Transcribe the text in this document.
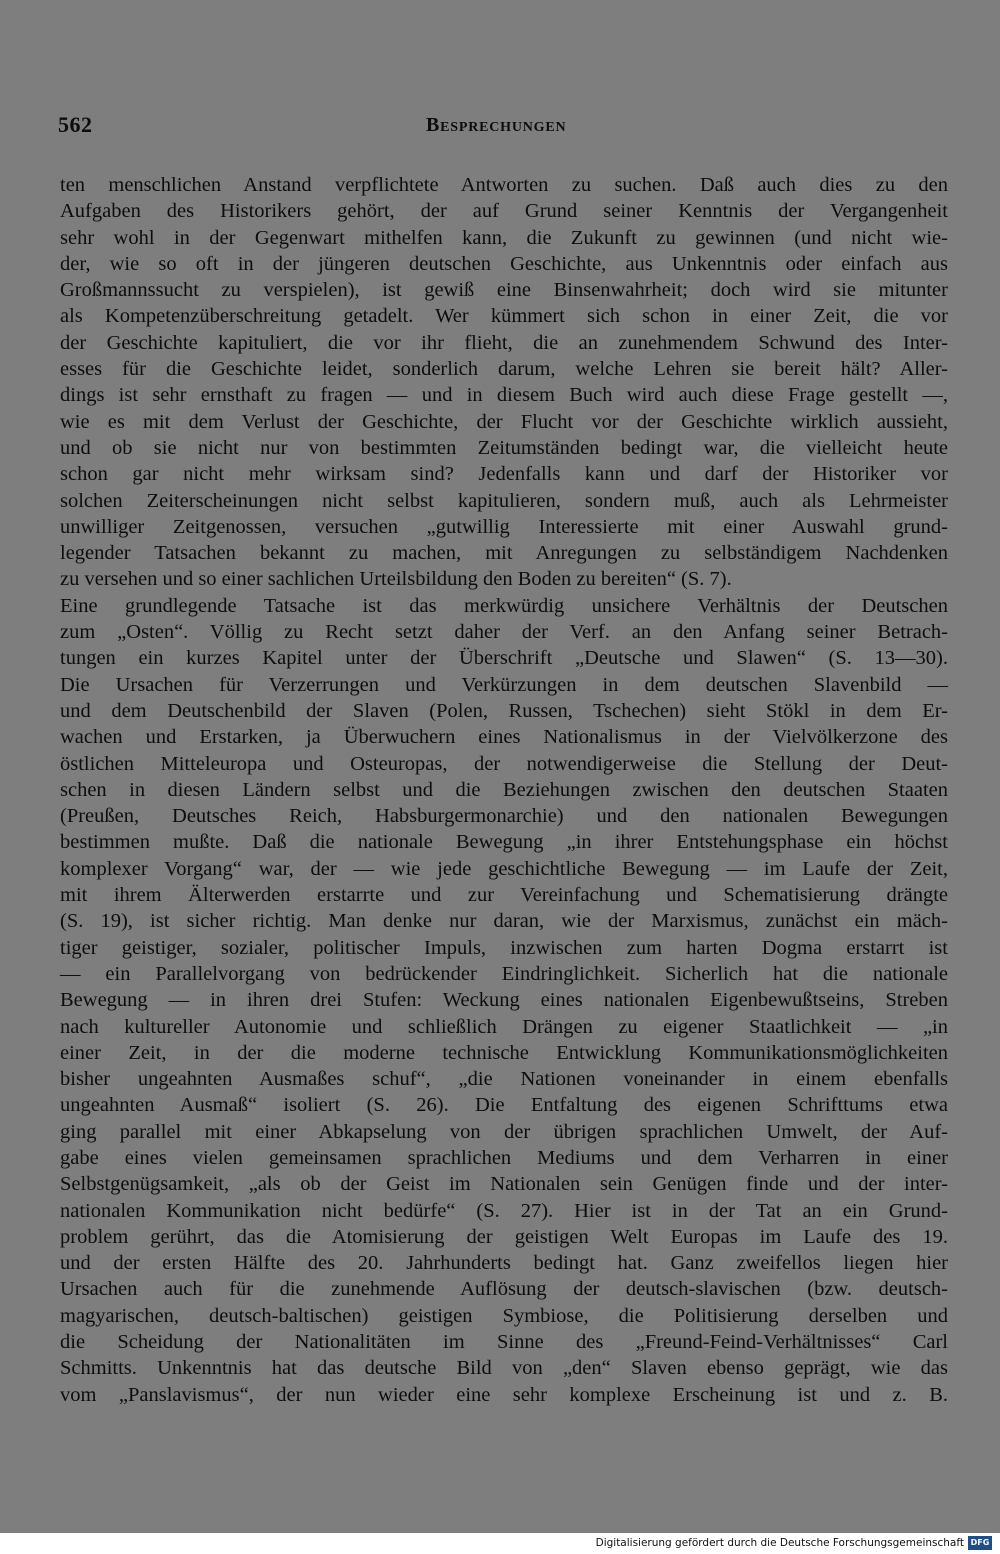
562	Besprechungen
ten menschlichen Anstand verpflichtete Antworten zu suchen. Daß auch dies zu den
Aufgaben des Historikers gehört, der auf Grund seiner Kenntnis der Vergangenheit
sehr wohl in der Gegenwart mithelfen kann, die Zukunft zu gewinnen (und nicht wie-
der, wie so oft in der jüngeren deutschen Geschichte, aus Unkenntnis oder einfach aus
Großmannssucht zu verspielen), ist gewiß eine Binsenwahrheit; doch wird sie mitunter
als Kompetenzüberschreitung getadelt. Wer kümmert sich schon in einer Zeit, die vor
der Geschichte kapituliert, die vor ihr flieht, die an zunehmendem Schwund des Inter-
esses für die Geschichte leidet, sonderlich darum, welche Lehren sie bereit hält? Aller-
dings ist sehr ernsthaft zu fragen — und in diesem Buch wird auch diese Frage gestellt —,
wie es mit dem Verlust der Geschichte, der Flucht vor der Geschichte wirklich aussieht,
und ob sie nicht nur von bestimmten Zeitumständen bedingt war, die vielleicht heute
schon gar nicht mehr wirksam sind? Jedenfalls kann und darf der Historiker vor
solchen Zeiterscheinungen nicht selbst kapitulieren, sondern muß, auch als Lehrmeister
unwilliger Zeitgenossen, versuchen „gutwillig Interessierte mit einer Auswahl grund-
legender Tatsachen bekannt zu machen, mit Anregungen zu selbständigem Nachdenken
zu versehen und so einer sachlichen Urteilsbildung den Boden zu bereiten“ (S. 7).
Eine grundlegende Tatsache ist das merkwürdig unsichere Verhältnis der Deutschen
zum „Osten“. Völlig zu Recht setzt daher der Verf. an den Anfang seiner Betrach-
tungen ein kurzes Kapitel unter der Überschrift „Deutsche und Slawen“ (S. 13—30).
Die Ursachen für Verzerrungen und Verkürzungen in dem deutschen Slavenbild —
und dem Deutschenbild der Slaven (Polen, Russen, Tschechen) sieht Stökl in dem Er-
wachen und Erstarken, ja Überwuchern eines Nationalismus in der Vielvölkerzone des
östlichen Mitteleuropa und Osteuropas, der notwendigerweise die Stellung der Deut-
schen in diesen Ländern selbst und die Beziehungen zwischen den deutschen Staaten
(Preußen, Deutsches Reich, Habsburgermonarchie) und den nationalen Bewegungen
bestimmen mußte. Daß die nationale Bewegung „in ihrer Entstehungsphase ein höchst
komplexer Vorgang“ war, der — wie jede geschichtliche Bewegung — im Laufe der Zeit,
mit ihrem Älterwerden erstarrte und zur Vereinfachung und Schematisierung drängte
(S. 19), ist sicher richtig. Man denke nur daran, wie der Marxismus, zunächst ein mäch-
tiger geistiger, sozialer, politischer Impuls, inzwischen zum harten Dogma erstarrt ist
— ein Parallelvorgang von bedrückender Eindringlichkeit. Sicherlich hat die nationale
Bewegung — in ihren drei Stufen: Weckung eines nationalen Eigenbewußtseins, Streben
nach kultureller Autonomie und schließlich Drängen zu eigener Staatlichkeit — „in
einer Zeit, in der die moderne technische Entwicklung Kommunikationsmöglichkeiten
bisher ungeahnten Ausmaßes schuf“, „die Nationen voneinander in einem ebenfalls
ungeahnten Ausmaß“ isoliert (S. 26). Die Entfaltung des eigenen Schrifttums etwa
ging parallel mit einer Abkapselung von der übrigen sprachlichen Umwelt, der Auf-
gabe eines vielen gemeinsamen sprachlichen Mediums und dem Verharren in einer
Selbstgenügsamkeit, „als ob der Geist im Nationalen sein Genügen finde und der inter-
nationalen Kommunikation nicht bedürfe“ (S. 27). Hier ist in der Tat an ein Grund-
problem gerührt, das die Atomisierung der geistigen Welt Europas im Laufe des 19.
und der ersten Hälfte des 20. Jahrhunderts bedingt hat. Ganz zweifellos liegen hier
Ursachen auch für die zunehmende Auflösung der deutsch-slavischen (bzw. deutsch-
magyarischen, deutsch-baltischen) geistigen Symbiose, die Politisierung derselben und
die Scheidung der Nationalitäten im Sinne des „Freund-Feind-Verhältnisses“ Carl
Schmitts. Unkenntnis hat das deutsche Bild von „den“ Slaven ebenso geprägt, wie das
vom „Panslavismus“, der nun wieder eine sehr komplexe Erscheinung ist und z. B.
Digitalisierung gefördert durch die Deutsche Forschungsgemeinschaft DFG
